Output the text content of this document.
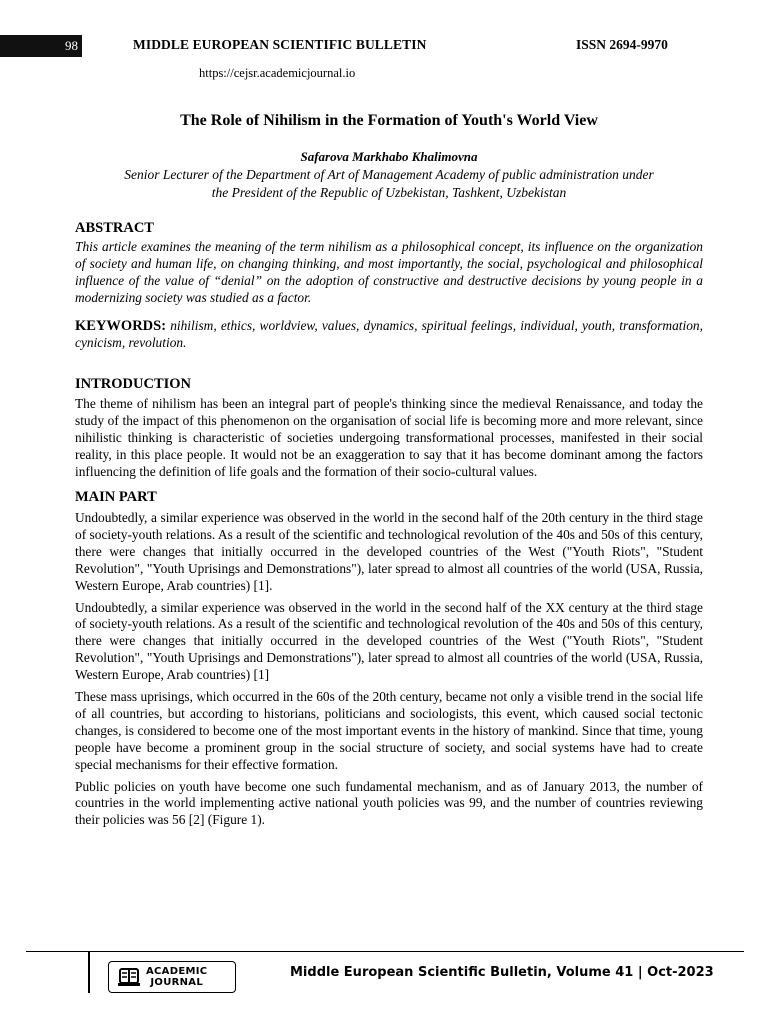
98	MIDDLE EUROPEAN SCIENTIFIC BULLETIN	ISSN 2694-9970
https://cejsr.academicjournal.io
The Role of Nihilism in the Formation of Youth's World View

Safarova Markhabo Khalimovna

Senior Lecturer of the Department of Art of Management Academy of public administration under

the President of the Republic of Uzbekistan, Tashkent, Uzbekistan

ABSTRACT

This article examines the meaning of the term nihilism as a philosophical concept, its influence on the organization of society and human life, on changing thinking, and most importantly, the social, psychological and philosophical influence of the value of “denial” on the adoption of constructive and destructive decisions by young people in a modernizing society was studied as a factor.

KEYWORDS: nihilism, ethics, worldview, values, dynamics, spiritual feelings, individual, youth, transformation, cynicism, revolution.

INTRODUCTION

The theme of nihilism has been an integral part of people's thinking since the medieval Renaissance, and today the study of the impact of this phenomenon on the organisation of social life is becoming more and more relevant, since nihilistic thinking is characteristic of societies undergoing transformational processes, manifested in their social reality, in this place people. It would not be an exaggeration to say that it has become dominant among the factors influencing the definition of life goals and the formation of their socio-cultural values.

MAIN PART

Undoubtedly, a similar experience was observed in the world in the second half of the 20th century in the third stage of society-youth relations. As a result of the scientific and technological revolution of the 40s and 50s of this century, there were changes that initially occurred in the developed countries of the West ("Youth Riots", "Student Revolution", "Youth Uprisings and Demonstrations"), later spread to almost all countries of the world (USA, Russia, Western Europe, Arab countries) [1].

Undoubtedly, a similar experience was observed in the world in the second half of the XX century at the third stage of society-youth relations. As a result of the scientific and technological revolution of the 40s and 50s of this century, there were changes that initially occurred in the developed countries of the West ("Youth Riots", "Student Revolution", "Youth Uprisings and Demonstrations"), later spread to almost all countries of the world (USA, Russia, Western Europe, Arab countries) [1]

These mass uprisings, which occurred in the 60s of the 20th century, became not only a visible trend in the social life of all countries, but according to historians, politicians and sociologists, this event, which caused social tectonic changes, is considered to become one of the most important events in the history of mankind. Since that time, young people have become a prominent group in the social structure of society, and social systems have had to create special mechanisms for their effective formation.

Public policies on youth have become one such fundamental mechanism, and as of January 2013, the number of countries in the world implementing active national youth policies was 99, and the number of countries reviewing their policies was 56 [2] (Figure 1).

ACADEMIC
JOURNAL
Middle European Scientific Bulletin, Volume 41 | Oct-2023
